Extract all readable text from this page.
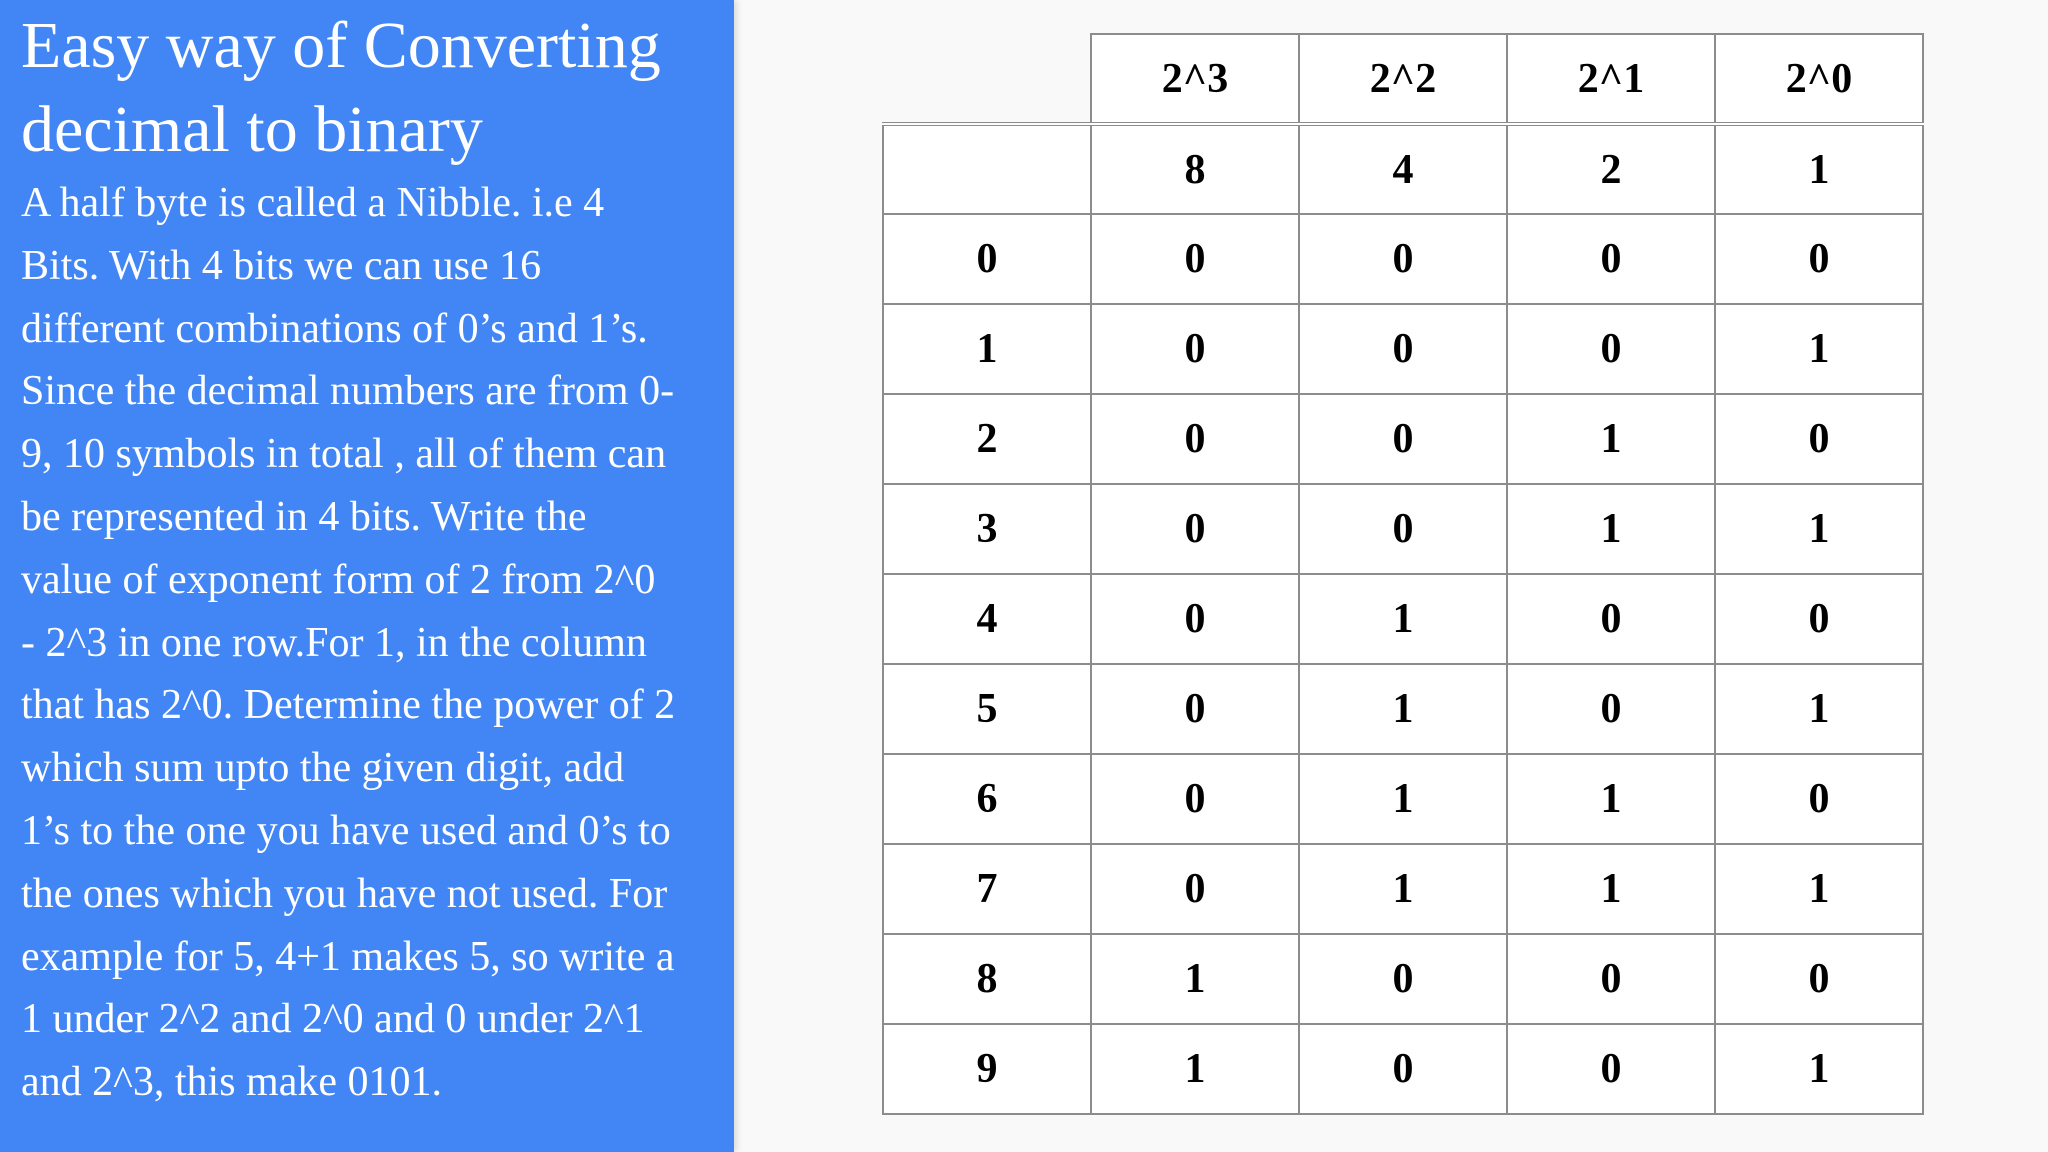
Easy way of Converting decimal to binary

A half byte is called a Nibble. i.e 4
Bits. With 4 bits we can use 16
different combinations of 0’s and 1’s.
Since the decimal numbers are from 0-
9, 10 symbols in total , all of them can
be represented in 4 bits. Write the
value of exponent form of 2 from 2^0
- 2^3 in one row.For 1, in the column
that has 2^0. Determine the power of 2
which sum upto the given digit, add
1’s to the one you have used and 0’s to
the ones which you have not used. For
example for 5, 4+1 makes 5, so write a
1 under 2^2 and 2^0 and 0 under 2^1
and 2^3, this make 0101.

	2^3	2^2	2^1	2^0
	8	4	2	1
0	0	0	0	0
1	0	0	0	1
2	0	0	1	0
3	0	0	1	1
4	0	1	0	0
5	0	1	0	1
6	0	1	1	0
7	0	1	1	1
8	1	0	0	0
9	1	0	0	1
